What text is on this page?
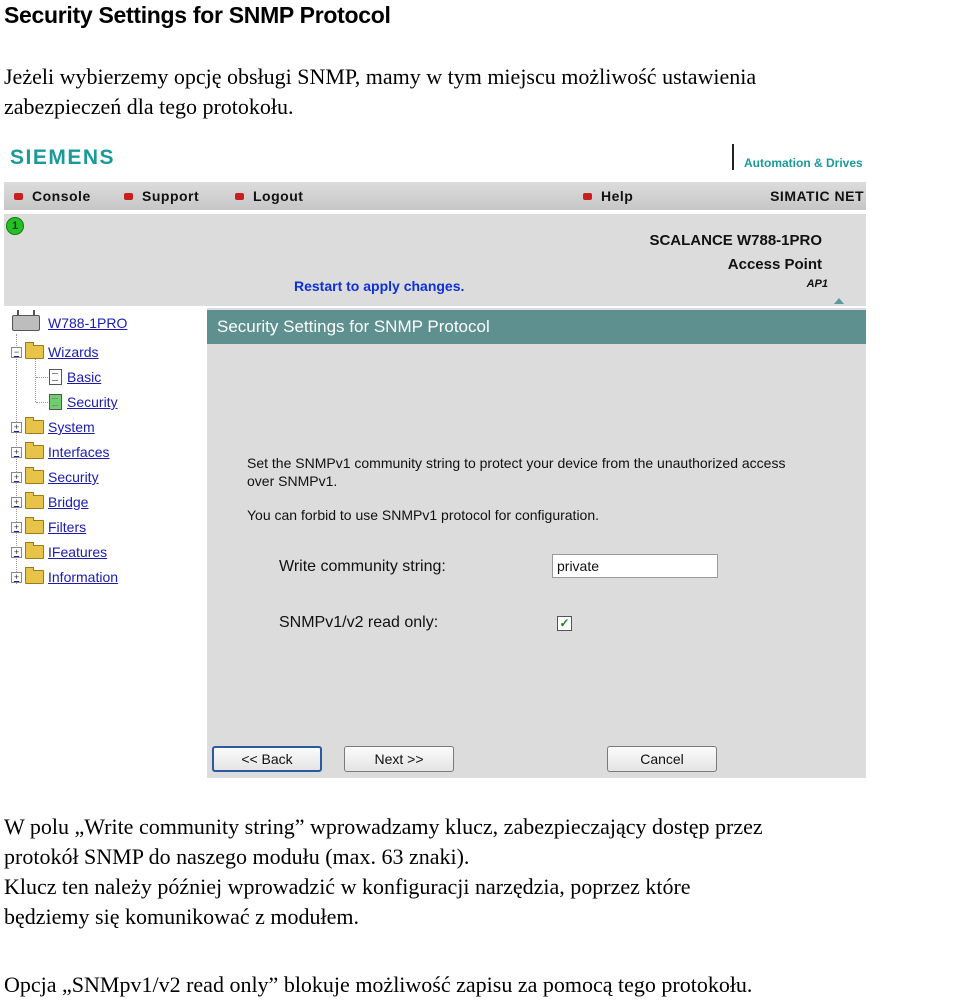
Security Settings for SNMP Protocol
Jeżeli wybierzemy opcję obsługi SNMP, mamy w tym miejscu możliwość ustawienia
zabezpieczeń dla tego protokołu.
SIEMENS	Automation & Drives
Console	Support	Logout	Help	SIMATIC NET
1
Restart to apply changes.
SCALANCE W788-1PRO
Access Point
AP1
W788-1PRO
− Wizards
Basic
Security
+ System
+ Interfaces
+ Security
+ Bridge
+ Filters
+ IFeatures
+ Information
Security Settings for SNMP Protocol
Set the SNMPv1 community string to protect your device from the unauthorized access
over SNMPv1.
You can forbid to use SNMPv1 protocol for configuration.
Write community string:
private
SNMPv1/v2 read only:	✓
<< Back	Next >>	Cancel
W polu „Write community string” wprowadzamy klucz, zabezpieczający dostęp przez
protokół SNMP do naszego modułu (max. 63 znaki).
Klucz ten należy później wprowadzić w konfiguracji narzędzia, poprzez które
będziemy się komunikować z modułem.
Opcja „SNMpv1/v2 read only” blokuje możliwość zapisu za pomocą tego protokołu.
